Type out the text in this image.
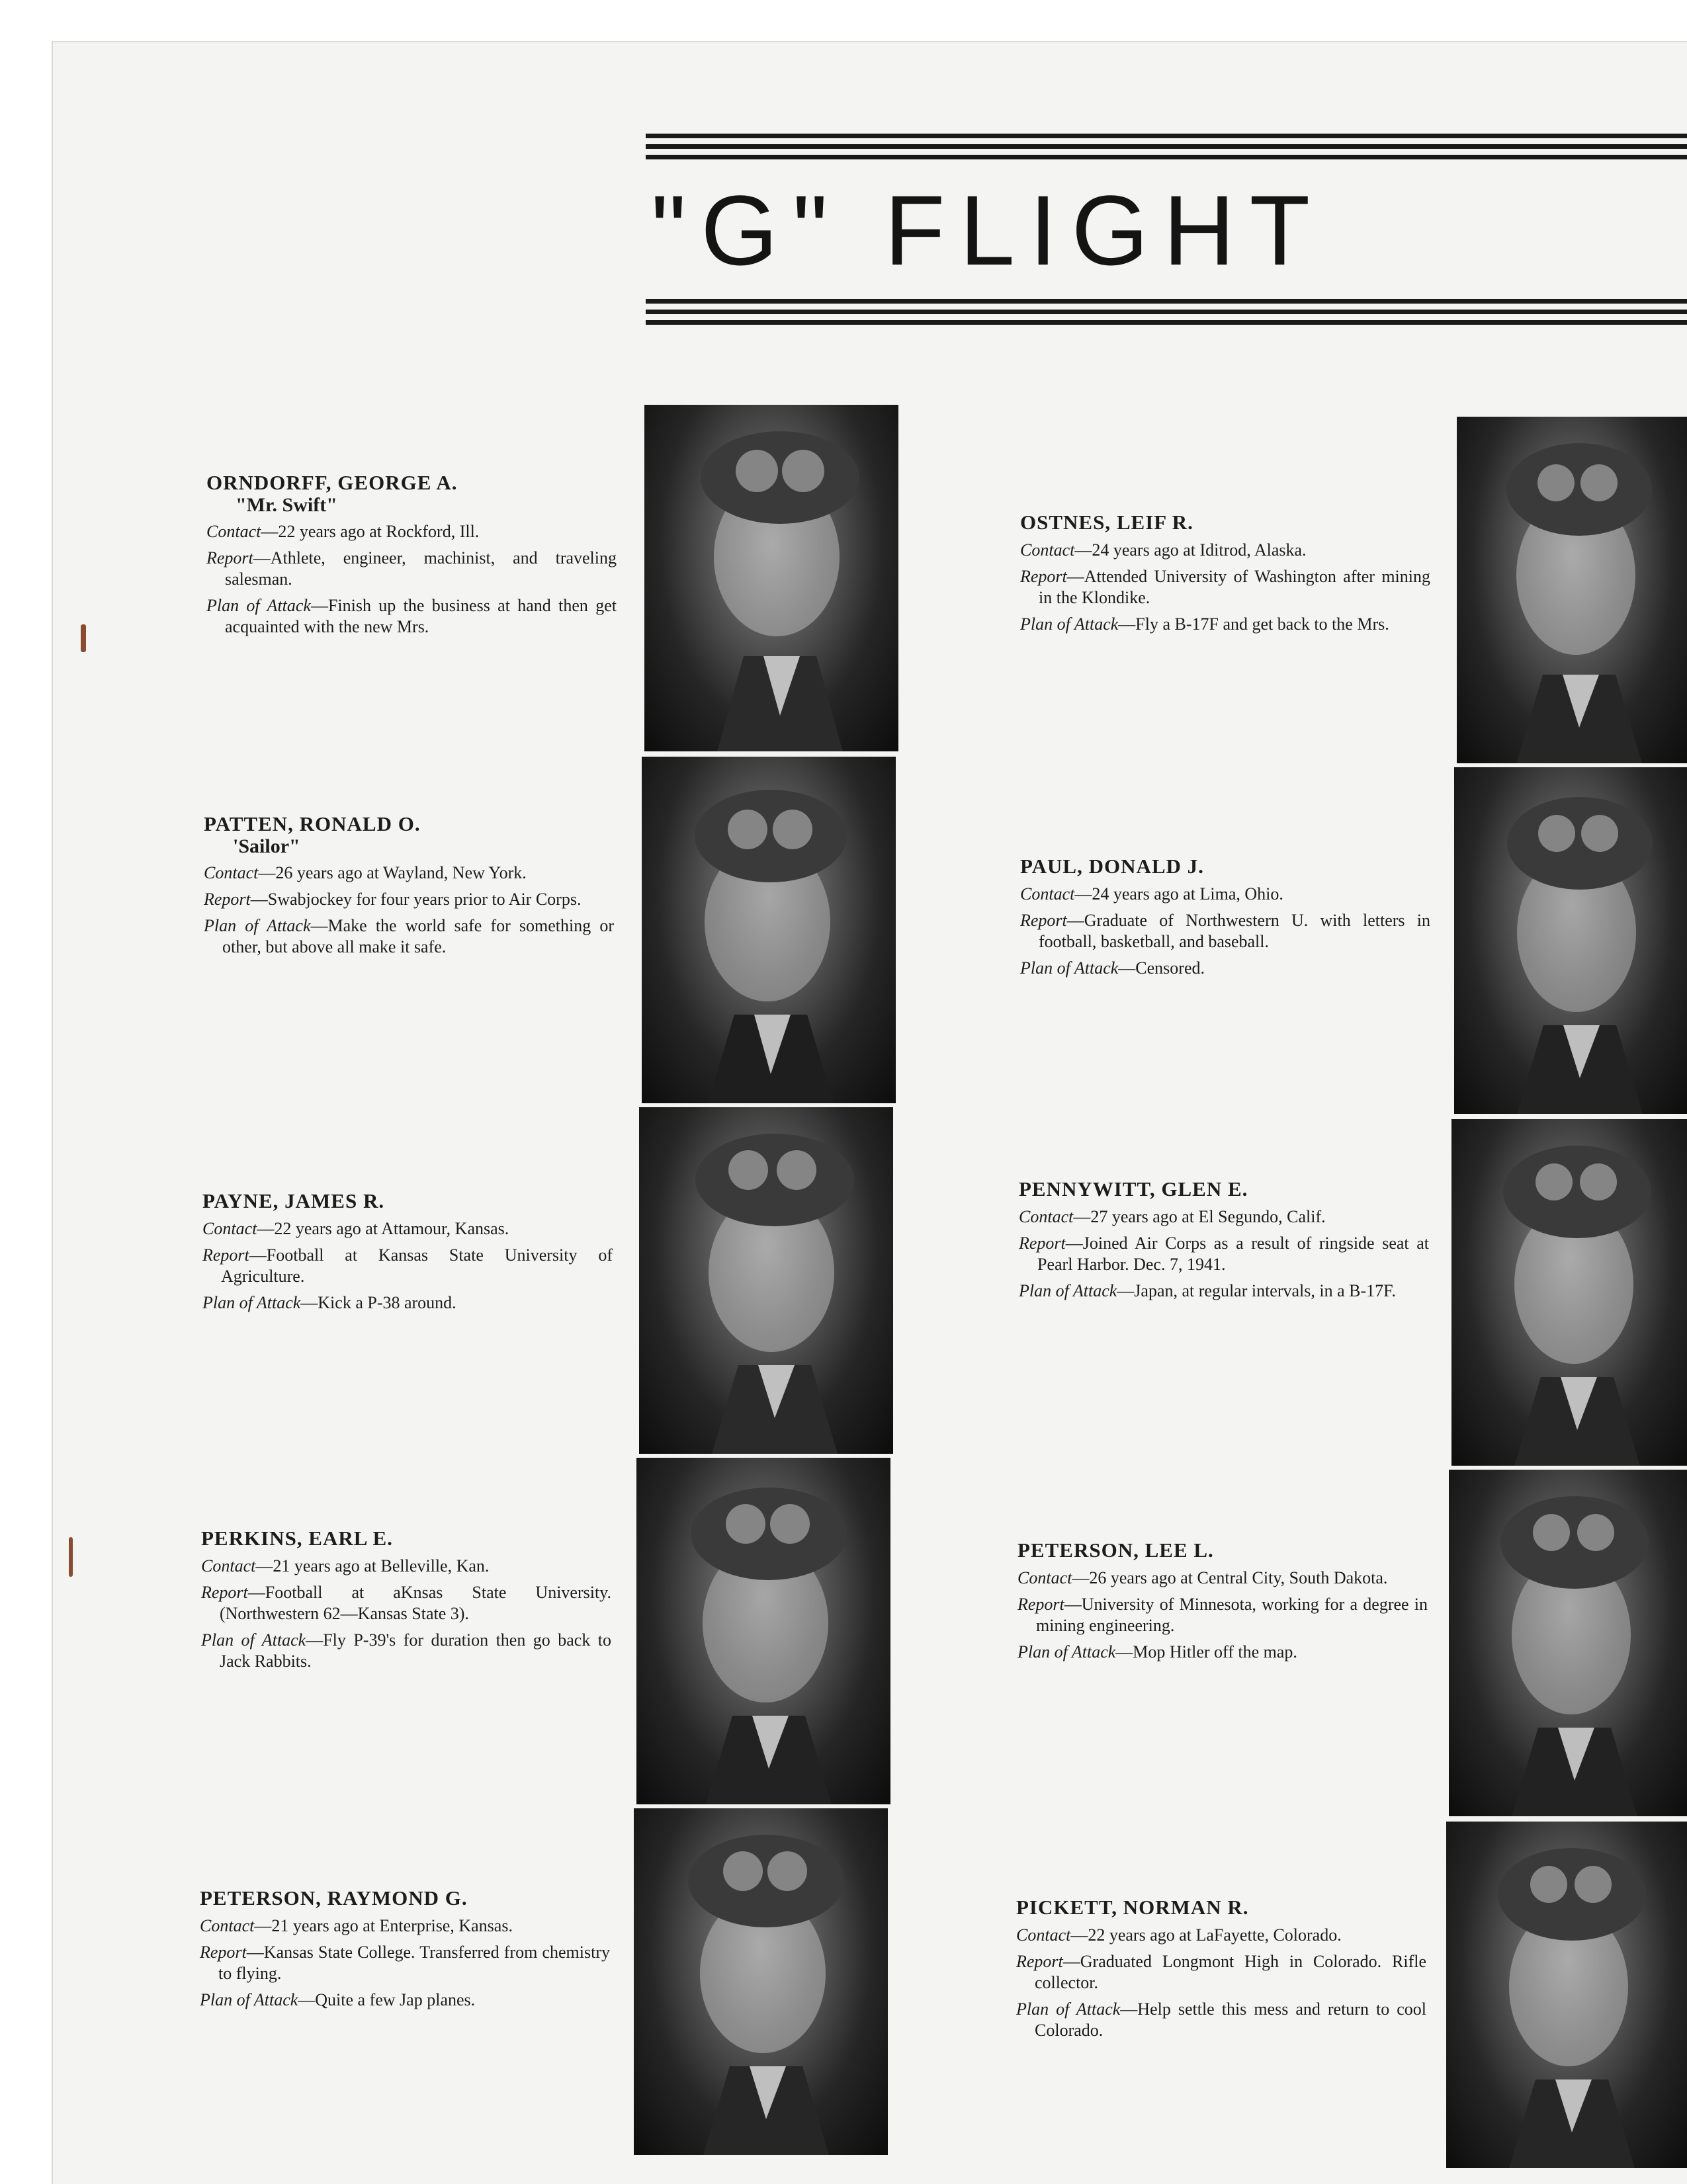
"G" FLIGHT
ORNDORFF, GEORGE A.
"Mr. Swift"

Contact—22 years ago at Rockford, Ill.

Report—Athlete, engineer, machinist, and traveling salesman.

Plan of Attack—Finish up the business at hand then get acquainted with the new Mrs.

PATTEN, RONALD O.
'Sailor"

Contact—26 years ago at Wayland, New York.

Report—Swabjockey for four years prior to Air Corps.

Plan of Attack—Make the world safe for something or other, but above all make it safe.

PAYNE, JAMES R.

Contact—22 years ago at Attamour, Kansas.

Report—Football at Kansas State University of Agriculture.

Plan of Attack—Kick a P-38 around.

PERKINS, EARL E.

Contact—21 years ago at Belleville, Kan.

Report—Football at aKnsas State University. (Northwestern 62—Kansas State 3).

Plan of Attack—Fly P-39's for duration then go back to Jack Rabbits.

PETERSON, RAYMOND G.

Contact—21 years ago at Enterprise, Kansas.

Report—Kansas State College. Transferred from chemistry to flying.

Plan of Attack—Quite a few Jap planes.

OSTNES, LEIF R.

Contact—24 years ago at Iditrod, Alaska.

Report—Attended University of Washington after mining in the Klondike.

Plan of Attack—Fly a B-17F and get back to the Mrs.

PAUL, DONALD J.

Contact—24 years ago at Lima, Ohio.

Report—Graduate of Northwestern U. with letters in football, basketball, and baseball.

Plan of Attack—Censored.

PENNYWITT, GLEN E.

Contact—27 years ago at El Segundo, Calif.

Report—Joined Air Corps as a result of ringside seat at Pearl Harbor. Dec. 7, 1941.

Plan of Attack—Japan, at regular intervals, in a B-17F.

PETERSON, LEE L.

Contact—26 years ago at Central City, South Dakota.

Report—University of Minnesota, working for a degree in mining engineering.

Plan of Attack—Mop Hitler off the map.

PICKETT, NORMAN R.

Contact—22 years ago at LaFayette, Colorado.

Report—Graduated Longmont High in Colorado. Rifle collector.

Plan of Attack—Help settle this mess and return to cool Colorado.
